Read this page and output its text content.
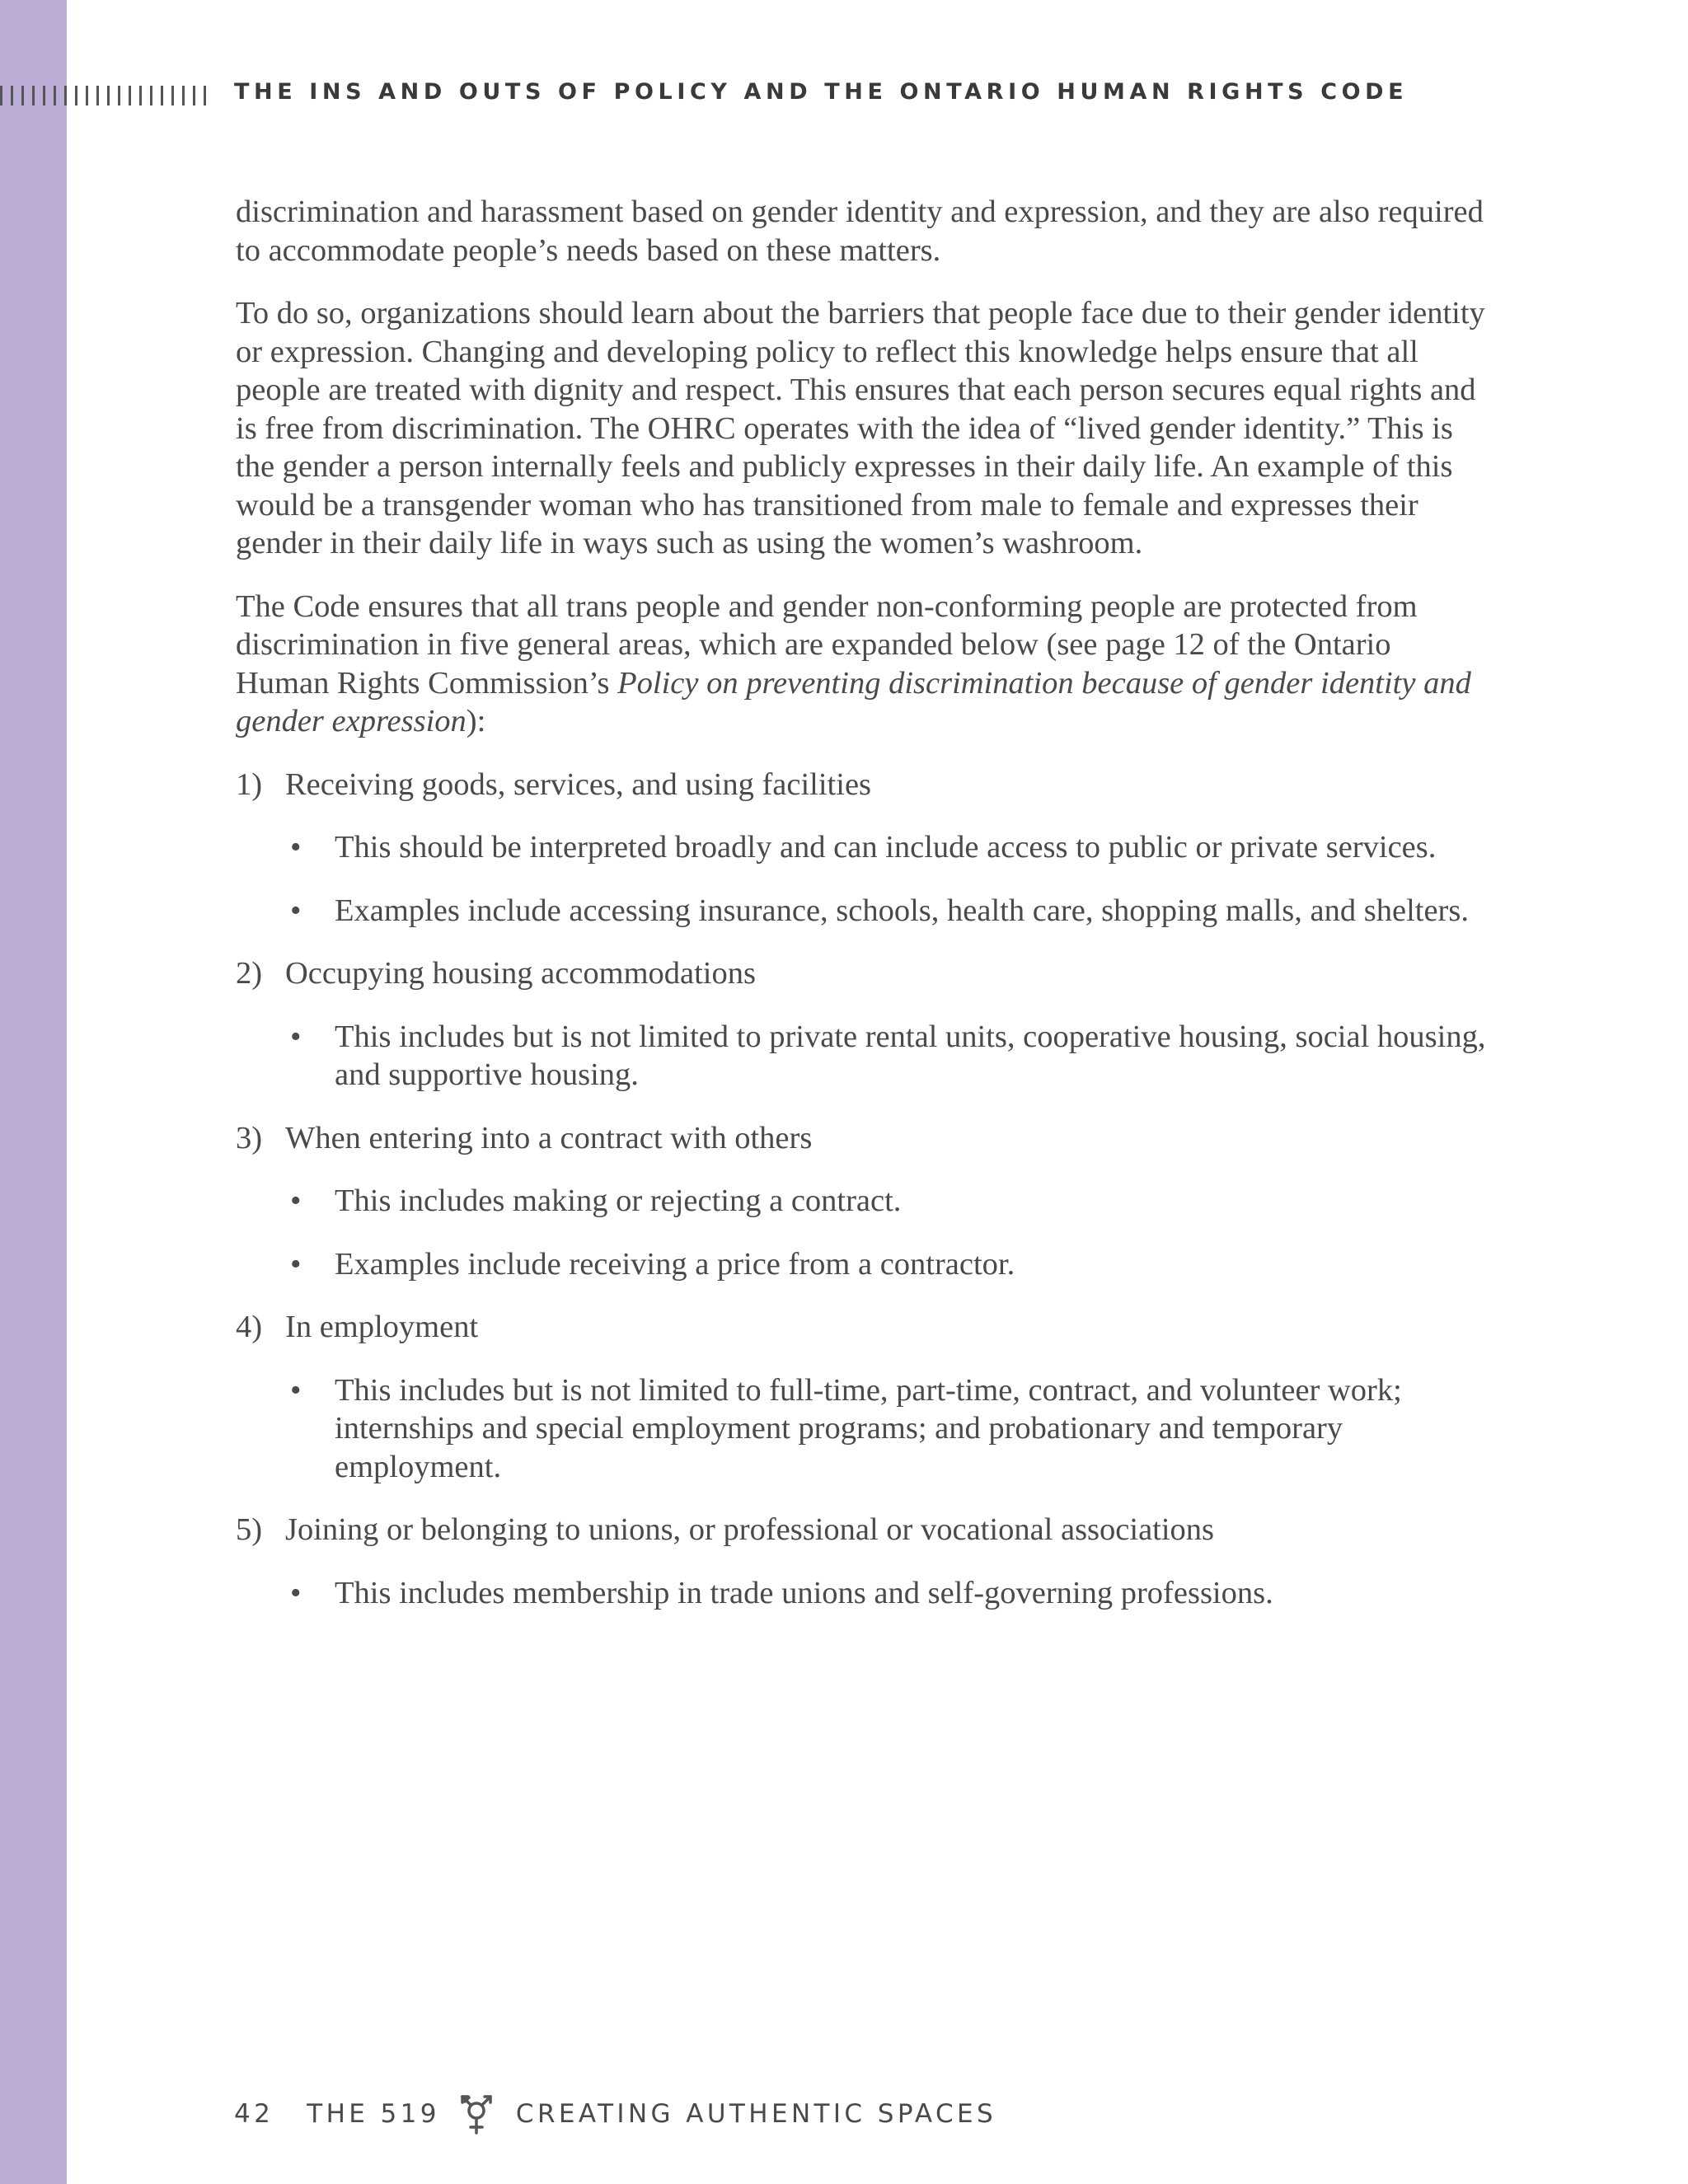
THE INS AND OUTS OF POLICY AND THE ONTARIO HUMAN RIGHTS CODE

discrimination and harassment based on gender identity and expression, and they are also required to accommodate people’s needs based on these matters.

To do so, organizations should learn about the barriers that people face due to their gender identity or expression. Changing and developing policy to reflect this knowledge helps ensure that all people are treated with dignity and respect. This ensures that each person secures equal rights and is free from discrimination. The OHRC operates with the idea of “lived gender identity.” This is the gender a person internally feels and publicly expresses in their daily life. An example of this would be a transgender woman who has transitioned from male to female and expresses their gender in their daily life in ways such as using the women’s washroom.

The Code ensures that all trans people and gender non-conforming people are protected from discrimination in five general areas, which are expanded below (see page 12 of the Ontario Human Rights Commission’s Policy on preventing discrimination because of gender identity and gender expression):

1) Receiving goods, services, and using facilities
• This should be interpreted broadly and can include access to public or private services.
• Examples include accessing insurance, schools, health care, shopping malls, and shelters.
2) Occupying housing accommodations
• This includes but is not limited to private rental units, cooperative housing, social housing, and supportive housing.
3) When entering into a contract with others
• This includes making or rejecting a contract.
• Examples include receiving a price from a contractor.
4) In employment
• This includes but is not limited to full-time, part-time, contract, and volunteer work; internships and special employment programs; and probationary and temporary employment.
5) Joining or belonging to unions, or professional or vocational associations
• This includes membership in trade unions and self-governing professions.
42 THE 519	CREATING AUTHENTIC SPACES
